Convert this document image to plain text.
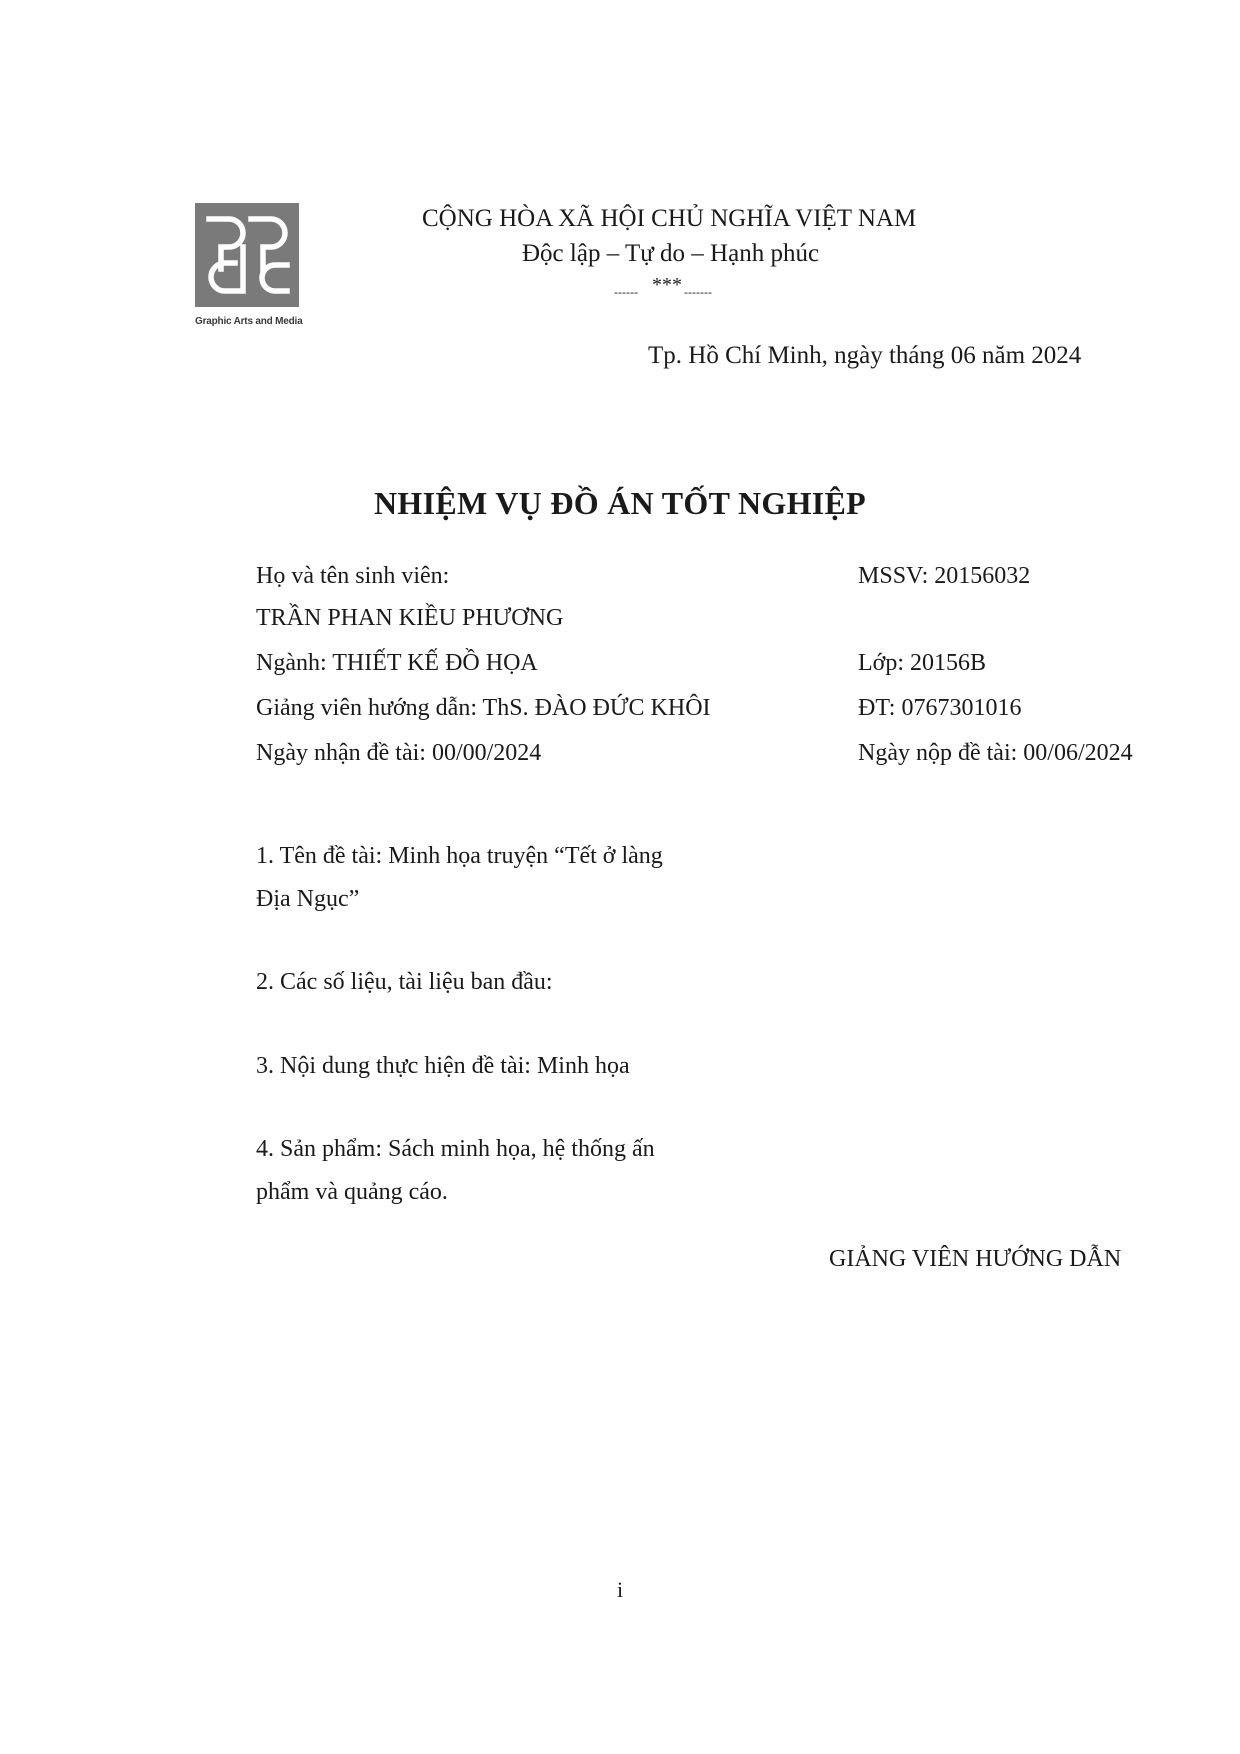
Graphic Arts and Media
CỘNG HÒA XÃ HỘI CHỦ NGHĨA VIỆT NAM
Độc lập – Tự do – Hạnh phúc
------ *** -------
Tp. Hồ Chí Minh, ngày tháng 06 năm 2024
NHIỆM VỤ ĐỒ ÁN TỐT NGHIỆP
Họ và tên sinh viên:	MSSV: 20156032
TRẦN PHAN KIỀU PHƯƠNG
Ngành: THIẾT KẾ ĐỒ HỌA	Lớp: 20156B
Giảng viên hướng dẫn: ThS. ĐÀO ĐỨC KHÔI	ĐT: 0767301016
Ngày nhận đề tài: 00/00/2024	Ngày nộp đề tài: 00/06/2024
1. Tên đề tài: Minh họa truyện “Tết ở làng
Địa Ngục”
2. Các số liệu, tài liệu ban đầu:
3. Nội dung thực hiện đề tài: Minh họa
4. Sản phẩm: Sách minh họa, hệ thống ấn
phẩm và quảng cáo.
GIẢNG VIÊN HƯỚNG DẪN
i
